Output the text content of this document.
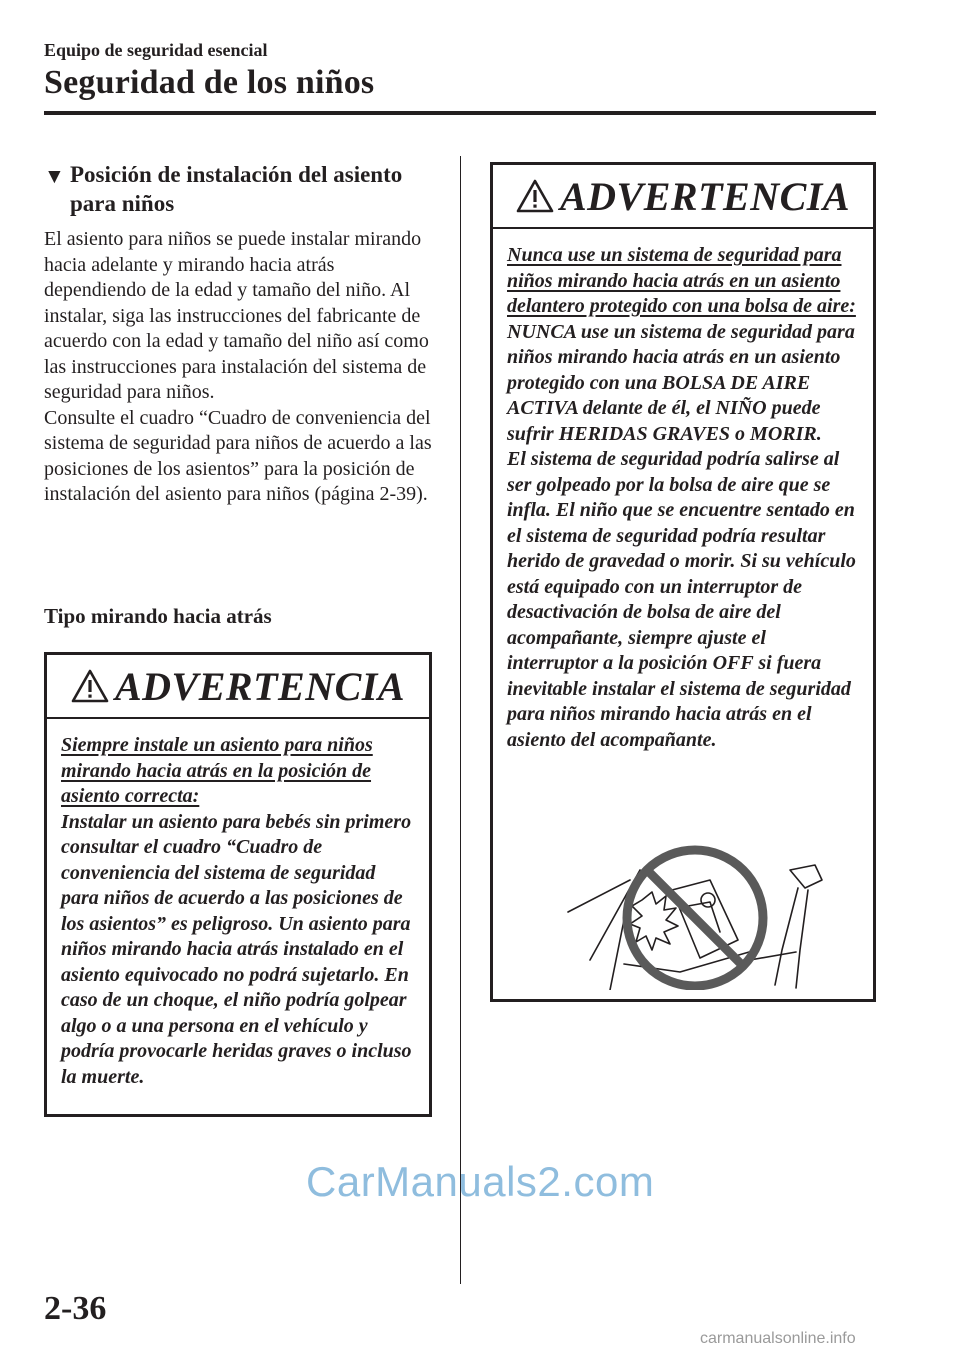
Equipo de seguridad esencial
Seguridad de los niños
▼ Posición de instalación del asiento para niños
El asiento para niños se puede instalar mirando hacia adelante y mirando hacia atrás dependiendo de la edad y tamaño del niño. Al instalar, siga las instrucciones del fabricante de acuerdo con la edad y tamaño del niño así como las instrucciones para instalación del sistema de seguridad para niños.
Consulte el cuadro “Cuadro de conveniencia del sistema de seguridad para niños de acuerdo a las posiciones de los asientos” para la posición de instalación del asiento para niños (página 2-39).
Tipo mirando hacia atrás
ADVERTENCIA
Siempre instale un asiento para niños mirando hacia atrás en la posición de asiento correcta:
Instalar un asiento para bebés sin primero consultar el cuadro “Cuadro de conveniencia del sistema de seguridad para niños de acuerdo a las posiciones de los asientos” es peligroso. Un asiento para niños mirando hacia atrás instalado en el asiento equivocado no podrá sujetarlo. En caso de un choque, el niño podría golpear algo o a una persona en el vehículo y podría provocarle heridas graves o incluso la muerte.
ADVERTENCIA
Nunca use un sistema de seguridad para niños mirando hacia atrás en un asiento delantero protegido con una bolsa de aire:
NUNCA use un sistema de seguridad para niños mirando hacia atrás en un asiento protegido con una BOLSA DE AIRE ACTIVA delante de él, el NIÑO puede sufrir HERIDAS GRAVES o MORIR.
El sistema de seguridad podría salirse al ser golpeado por la bolsa de aire que se infla. El niño que se encuentre sentado en el sistema de seguridad podría resultar herido de gravedad o morir. Si su vehículo está equipado con un interruptor de desactivación de bolsa de aire del acompañante, siempre ajuste el interruptor a la posición OFF si fuera inevitable instalar el sistema de seguridad para niños mirando hacia atrás en el asiento del acompañante.
CarManuals2.com
2-36
carmanualsonline.info
